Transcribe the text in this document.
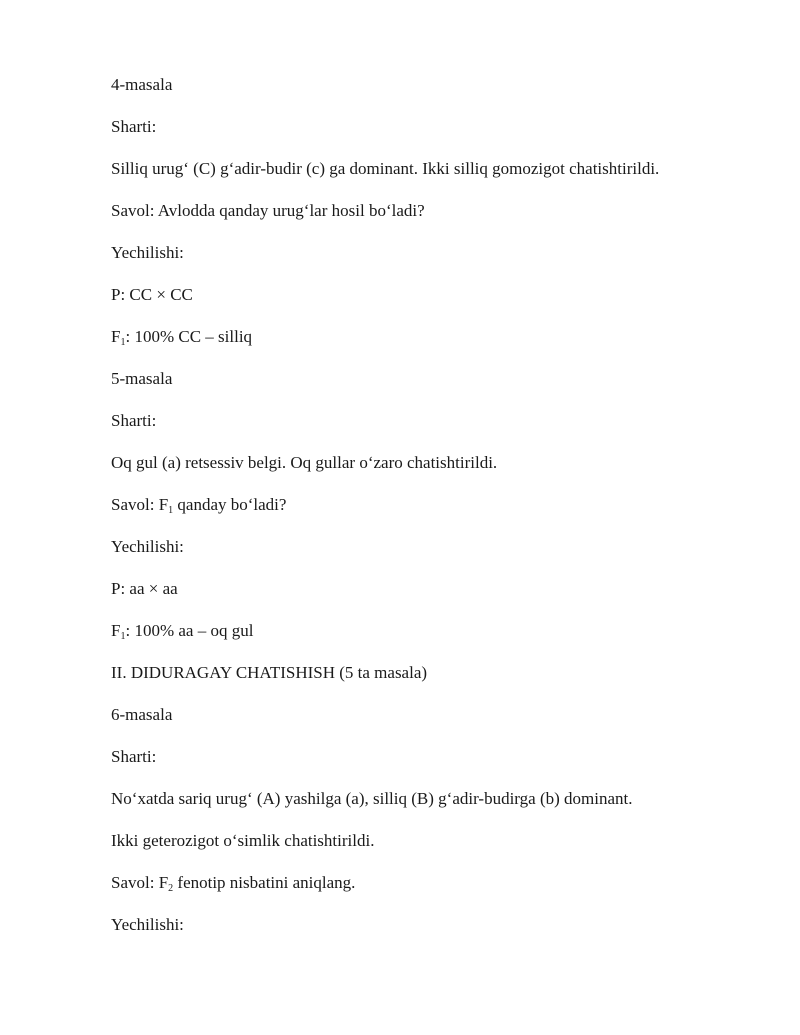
4-masala
Sharti:
Silliq urug‘ (C) g‘adir-budir (c) ga dominant. Ikki silliq gomozigot chatishtirildi.
Savol: Avlodda qanday urug‘lar hosil bo‘ladi?
Yechilishi:
P: CC × CC
$F_1$: 100% CC – silliq
5-masala
Sharti:
Oq gul (a) retsessiv belgi. Oq gullar o‘zaro chatishtirildi.
Savol: $F_1$ qanday bo‘ladi?
Yechilishi:
P: aa × aa
$F_1$: 100% aa – oq gul
II. DIDURAGAY CHATISHISH (5 ta masala)
6-masala
Sharti:
No‘xatda sariq urug‘ (A) yashilga (a), silliq (B) g‘adir-budirga (b) dominant.
Ikki geterozigot o‘simlik chatishtirildi.
Savol: $F_2$ fenotip nisbatini aniqlang.
Yechilishi:
